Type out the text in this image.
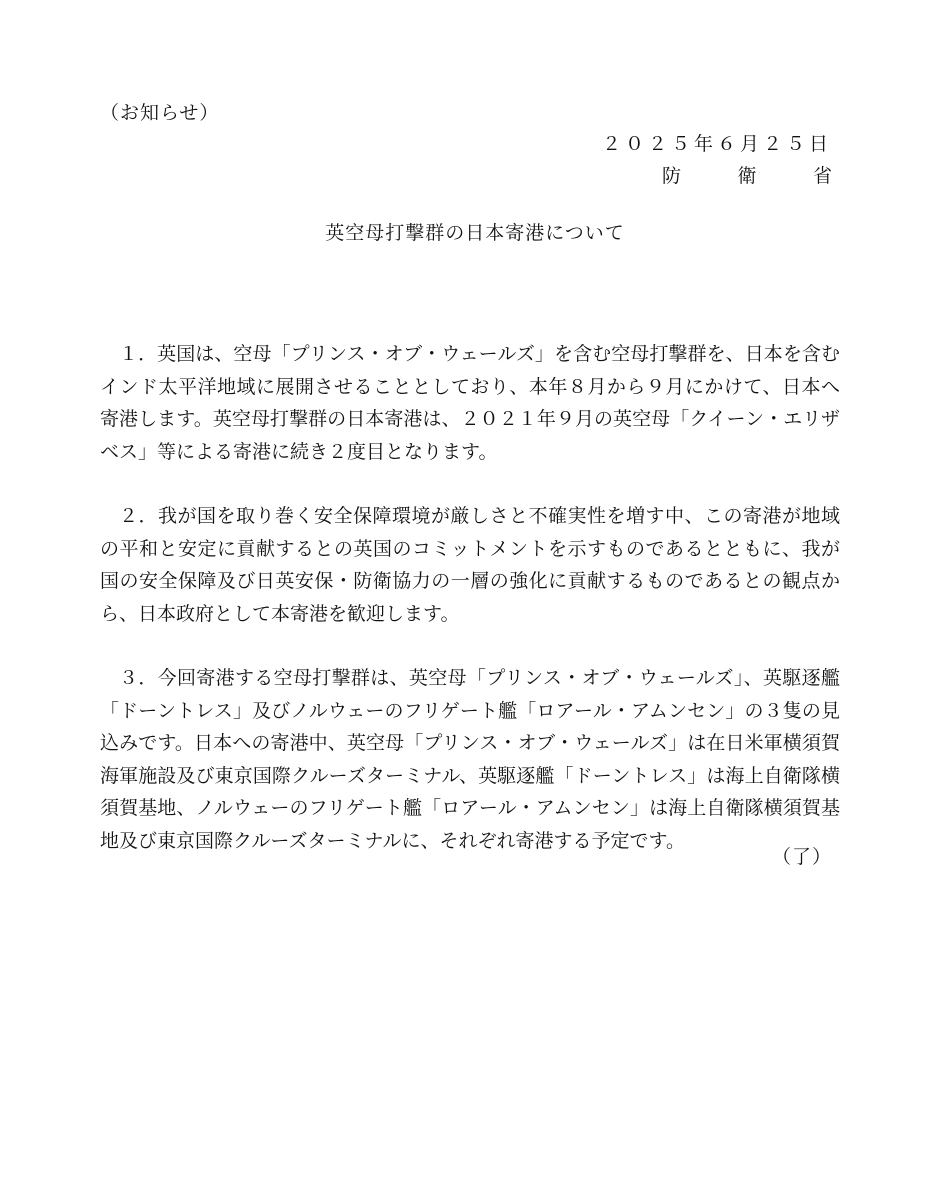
（お知らせ）
２０２５年６月２５日
防	衛	省
英空母打撃群の日本寄港について

１．英国は、空母「プリンス・オブ・ウェールズ」を含む空母打撃群を、日本を含むインド太平洋地域に展開させることとしており、本年８月から９月にかけて、日本へ寄港します。英空母打撃群の日本寄港は、２０２１年９月の英空母「クイーン・エリザベス」等による寄港に続き２度目となります。

２．我が国を取り巻く安全保障環境が厳しさと不確実性を増す中、この寄港が地域の平和と安定に貢献するとの英国のコミットメントを示すものであるとともに、我が国の安全保障及び日英安保・防衛協力の一層の強化に貢献するものであるとの観点から、日本政府として本寄港を歓迎します。

３．今回寄港する空母打撃群は、英空母「プリンス・オブ・ウェールズ」、英駆逐艦「ドーントレス」及びノルウェーのフリゲート艦「ロアール・アムンセン」の３隻の見込みです。日本への寄港中、英空母「プリンス・オブ・ウェールズ」は在日米軍横須賀海軍施設及び東京国際クルーズターミナル、英駆逐艦「ドーントレス」は海上自衛隊横須賀基地、ノルウェーのフリゲート艦「ロアール・アムンセン」は海上自衛隊横須賀基地及び東京国際クルーズターミナルに、それぞれ寄港する予定です。

（了）
